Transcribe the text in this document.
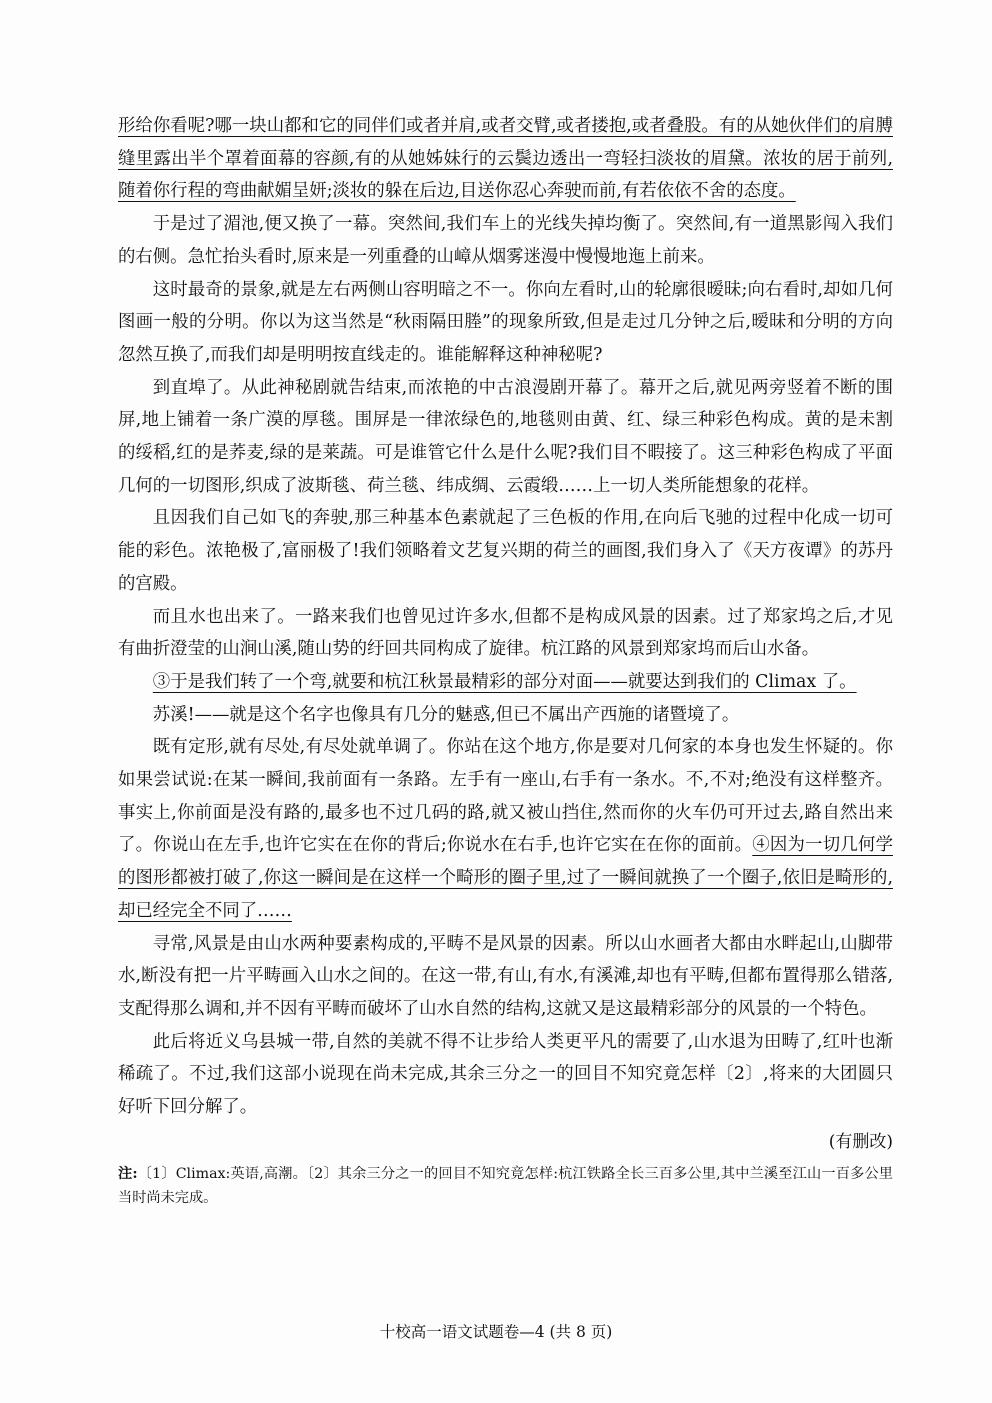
形给你看呢?哪一块山都和它的同伴们或者并肩,或者交臂,或者搂抱,或者叠股。有的从她伙伴们的肩膊缝里露出半个罩着面幕的容颜,有的从她姊妹行的云鬓边透出一弯轻扫淡妆的眉黛。浓妆的居于前列,随着你行程的弯曲献媚呈妍;淡妆的躲在后边,目送你忍心奔驶而前,有若依依不舍的态度。

于是过了湄池,便又换了一幕。突然间,我们车上的光线失掉均衡了。突然间,有一道黑影闯入我们的右侧。急忙抬头看时,原来是一列重叠的山嶂从烟雾迷漫中慢慢地迤上前来。

这时最奇的景象,就是左右两侧山容明暗之不一。你向左看时,山的轮廓很暧昧;向右看时,却如几何图画一般的分明。你以为这当然是“秋雨隔田塍”的现象所致,但是走过几分钟之后,暧昧和分明的方向忽然互换了,而我们却是明明按直线走的。谁能解释这种神秘呢?

到直埠了。从此神秘剧就告结束,而浓艳的中古浪漫剧开幕了。幕开之后,就见两旁竖着不断的围屏,地上铺着一条广漠的厚毯。围屏是一律浓绿色的,地毯则由黄、红、绿三种彩色构成。黄的是未割的绥稻,红的是荞麦,绿的是莱蔬。可是谁管它什么是什么呢?我们目不暇接了。这三种彩色构成了平面几何的一切图形,织成了波斯毯、荷兰毯、纬成绸、云霞缎……上一切人类所能想象的花样。

且因我们自己如飞的奔驶,那三种基本色素就起了三色板的作用,在向后飞驰的过程中化成一切可能的彩色。浓艳极了,富丽极了!我们领略着文艺复兴期的荷兰的画图,我们身入了《天方夜谭》的苏丹的宫殿。

而且水也出来了。一路来我们也曾见过许多水,但都不是构成风景的因素。过了郑家坞之后,才见有曲折澄莹的山涧山溪,随山势的纡回共同构成了旋律。杭江路的风景到郑家坞而后山水备。

③于是我们转了一个弯,就要和杭江秋景最精彩的部分对面——就要达到我们的 Climax 了。

苏溪!——就是这个名字也像具有几分的魅惑,但已不属出产西施的诸暨境了。

既有定形,就有尽处,有尽处就单调了。你站在这个地方,你是要对几何家的本身也发生怀疑的。你如果尝试说:在某一瞬间,我前面有一条路。左手有一座山,右手有一条水。不,不对;绝没有这样整齐。事实上,你前面是没有路的,最多也不过几码的路,就又被山挡住,然而你的火车仍可开过去,路自然出来了。你说山在左手,也许它实在在你的背后;你说水在右手,也许它实在在你的面前。④因为一切几何学的图形都被打破了,你这一瞬间是在这样一个畸形的圈子里,过了一瞬间就换了一个圈子,依旧是畸形的,却已经完全不同了……

寻常,风景是由山水两种要素构成的,平畴不是风景的因素。所以山水画者大都由水畔起山,山脚带水,断没有把一片平畴画入山水之间的。在这一带,有山,有水,有溪滩,却也有平畴,但都布置得那么错落,支配得那么调和,并不因有平畴而破坏了山水自然的结构,这就又是这最精彩部分的风景的一个特色。

此后将近义乌县城一带,自然的美就不得不让步给人类更平凡的需要了,山水退为田畴了,红叶也渐稀疏了。不过,我们这部小说现在尚未完成,其余三分之一的回目不知究竟怎样〔2〕,将来的大团圆只好听下回分解了。

(有删改)

注:〔1〕Climax:英语,高潮。〔2〕其余三分之一的回目不知究竟怎样:杭江铁路全长三百多公里,其中兰溪至江山一百多公里当时尚未完成。

十校高一语文试题卷—4 (共 8 页)
